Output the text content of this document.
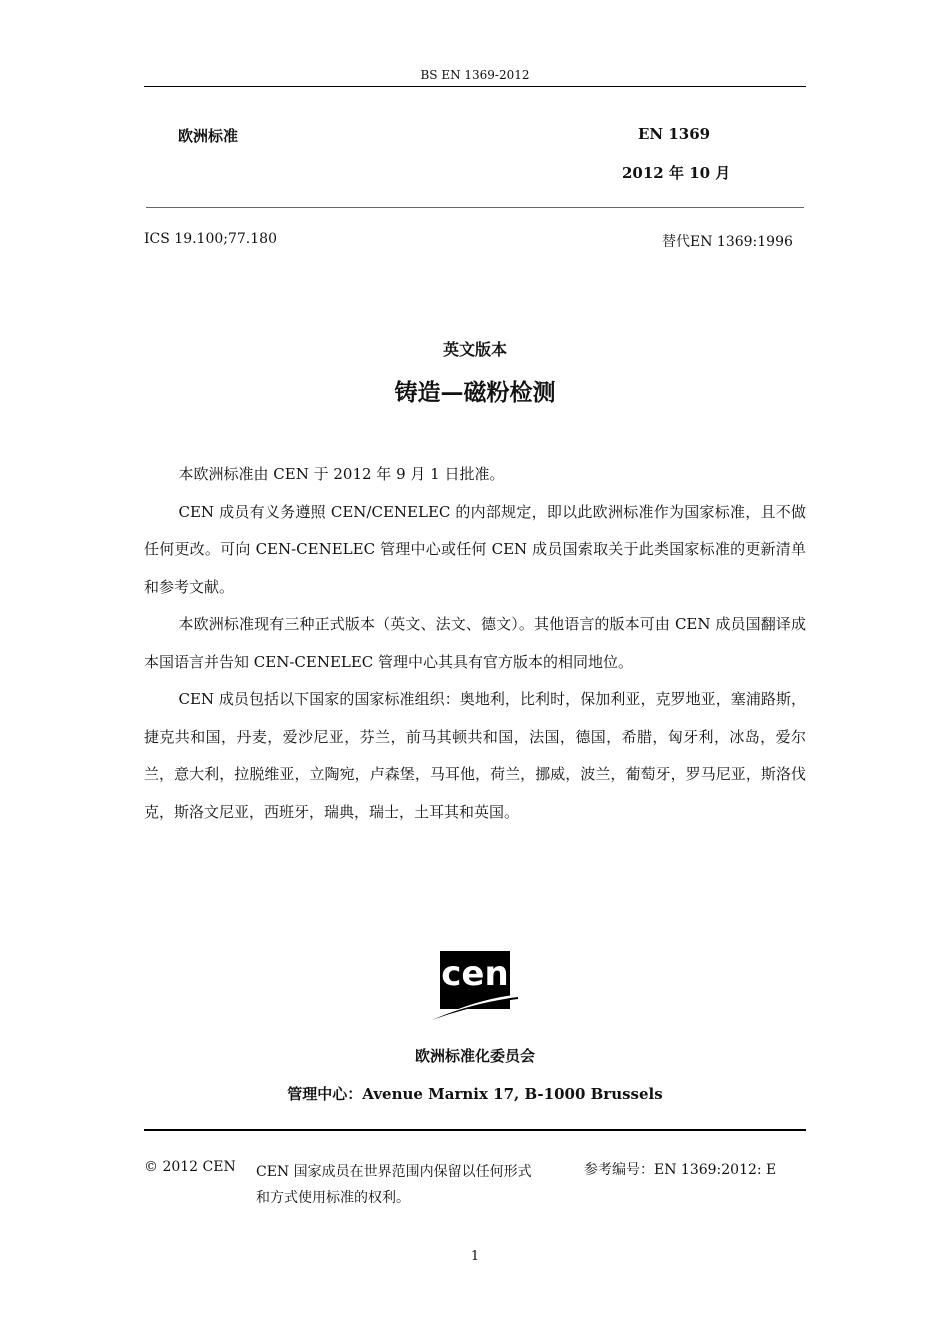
BS EN 1369-2012
欧洲标准	EN 1369
2012 年 10 月
ICS 19.100;77.180	替代EN 1369:1996
英文版本
铸造—磁粉检测

本欧洲标准由 CEN 于 2012 年 9 月 1 日批准。

CEN 成员有义务遵照 CEN/CENELEC 的内部规定，即以此欧洲标准作为国家标准，且不做任何更改。可向 CEN-CENELEC 管理中心或任何 CEN 成员国索取关于此类国家标准的更新清单和参考文献。

本欧洲标准现有三种正式版本（英文、法文、德文）。其他语言的版本可由 CEN 成员国翻译成本国语言并告知 CEN-CENELEC 管理中心其具有官方版本的相同地位。

CEN 成员包括以下国家的国家标准组织：奥地利，比利时，保加利亚，克罗地亚，塞浦路斯，捷克共和国，丹麦，爱沙尼亚，芬兰，前马其顿共和国，法国，德国，希腊，匈牙利，冰岛，爱尔兰，意大利，拉脱维亚，立陶宛，卢森堡，马耳他，荷兰，挪威，波兰，葡萄牙，罗马尼亚，斯洛伐克，斯洛文尼亚，西班牙，瑞典，瑞士，土耳其和英国。

cen
欧洲标准化委员会
管理中心：Avenue Marnix 17, B-1000 Brussels
© 2012 CEN CEN 国家成员在世界范围内保留以任何形式和方式使用标准的权利。
参考编号：EN 1369:2012: E
1
